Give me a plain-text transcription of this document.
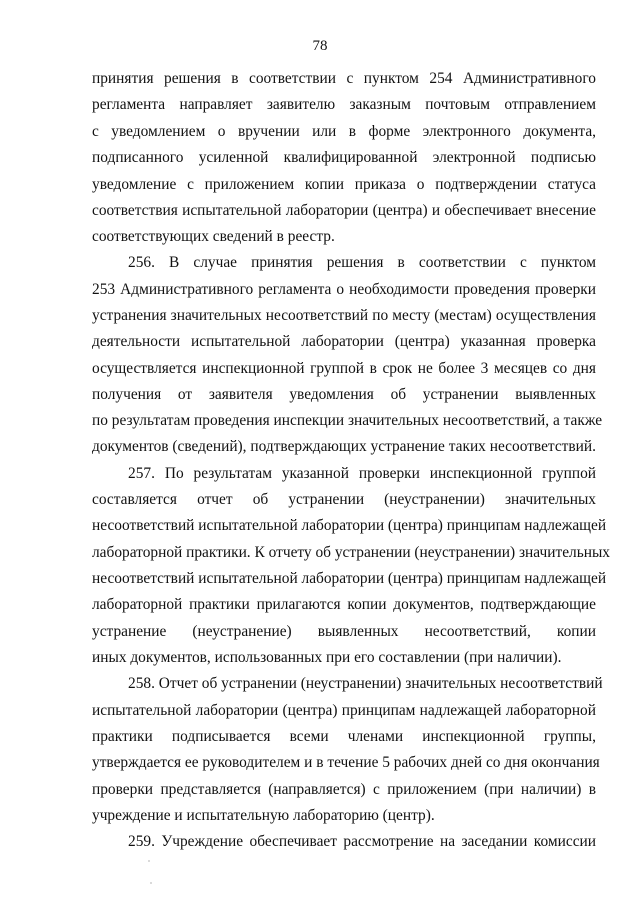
78
принятия решения в соответствии с пунктом 254 Административного
регламента направляет заявителю заказным почтовым отправлением
с уведомлением о вручении или в форме электронного документа,
подписанного усиленной квалифицированной электронной подписью
уведомление с приложением копии приказа о подтверждении статуса
соответствия испытательной лаборатории (центра) и обеспечивает внесение
соответствующих сведений в реестр.
256. В случае принятия решения в соответствии с пунктом
253 Административного регламента о необходимости проведения проверки
устранения значительных несоответствий по месту (местам) осуществления
деятельности испытательной лаборатории (центра) указанная проверка
осуществляется инспекционной группой в срок не более 3 месяцев со дня
получения от заявителя уведомления об устранении выявленных
по результатам проведения инспекции значительных несоответствий, а также
документов (сведений), подтверждающих устранение таких несоответствий.
257. По результатам указанной проверки инспекционной группой
составляется отчет об устранении (неустранении) значительных
несоответствий испытательной лаборатории (центра) принципам надлежащей
лабораторной практики. К отчету об устранении (неустранении) значительных
несоответствий испытательной лаборатории (центра) принципам надлежащей
лабораторной практики прилагаются копии документов, подтверждающие
устранение (неустранение) выявленных несоответствий, копии
иных документов, использованных при его составлении (при наличии).
258. Отчет об устранении (неустранении) значительных несоответствий
испытательной лаборатории (центра) принципам надлежащей лабораторной
практики подписывается всеми членами инспекционной группы,
утверждается ее руководителем и в течение 5 рабочих дней со дня окончания
проверки представляется (направляется) с приложением (при наличии) в
учреждение и испытательную лабораторию (центр).
259. Учреждение обеспечивает рассмотрение на заседании комиссии
